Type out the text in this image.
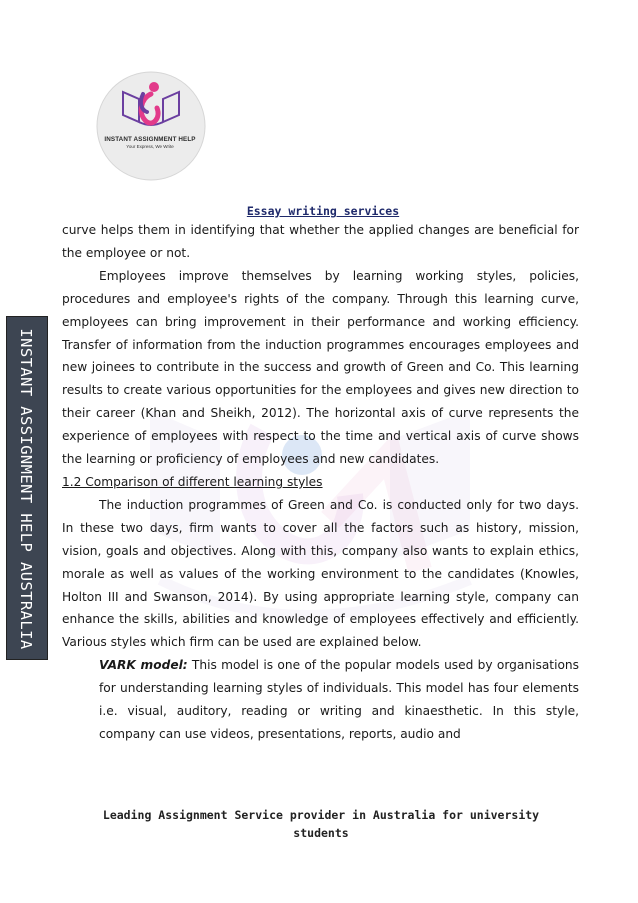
INSTANT ASSIGNMENT HELP
Your Express, We Write
Essay writing services
INSTANT ASSIGNMENT HELP AUSTRALIA

curve helps them in identifying that whether the applied changes are beneficial for the employee or not.

Employees improve themselves by learning working styles, policies, procedures and employee's rights of the company. Through this learning curve, employees can bring improvement in their performance and working efficiency. Transfer of information from the induction programmes encourages employees and new joinees to contribute in the success and growth of Green and Co. This learning results to create various opportunities for the employees and gives new direction to their career (Khan and Sheikh, 2012). The horizontal axis of curve represents the experience of employees with respect to the time and vertical axis of curve shows the learning or proficiency of employees and new candidates.

1.2 Comparison of different learning styles

The induction programmes of Green and Co. is conducted only for two days. In these two days, firm wants to cover all the factors such as history, mission, vision, goals and objectives. Along with this, company also wants to explain ethics, morale as well as values of the working environment to the candidates (Knowles, Holton III and Swanson, 2014). By using appropriate learning style, company can enhance the skills, abilities and knowledge of employees effectively and efficiently. Various styles which firm can be used are explained below.

VARK model: This model is one of the popular models used by organisations for understanding learning styles of individuals. This model has four elements i.e. visual, auditory, reading or writing and kinaesthetic. In this style, company can use videos, presentations, reports, audio and

Leading Assignment Service provider in Australia for university
students
